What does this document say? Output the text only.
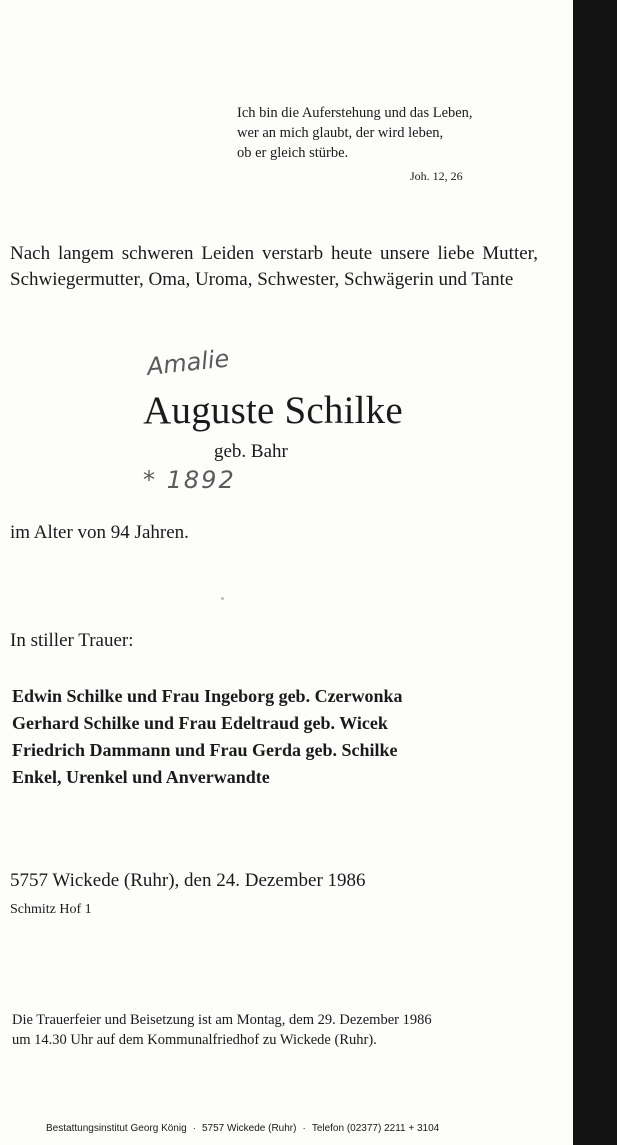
Ich bin die Auferstehung und das Leben,
wer an mich glaubt, der wird leben,
ob er gleich stürbe.
Joh. 12, 26
Nach langem schweren Leiden verstarb heute unsere liebe Mutter, Schwiegermutter, Oma, Uroma, Schwester, Schwägerin und Tante
Amalie
Auguste Schilke
geb. Bahr
* 1892
im Alter von 94 Jahren.
In stiller Trauer:
Edwin Schilke und Frau Ingeborg geb. Czerwonka
Gerhard Schilke und Frau Edeltraud geb. Wicek
Friedrich Dammann und Frau Gerda geb. Schilke
Enkel, Urenkel und Anverwandte
5757 Wickede (Ruhr), den 24. Dezember 1986
Schmitz Hof 1
Die Trauerfeier und Beisetzung ist am Montag, dem 29. Dezember 1986
um 14.30 Uhr auf dem Kommunalfriedhof zu Wickede (Ruhr).
Bestattungsinstitut Georg König · 5757 Wickede (Ruhr) · Telefon (02377) 2211 + 3104
